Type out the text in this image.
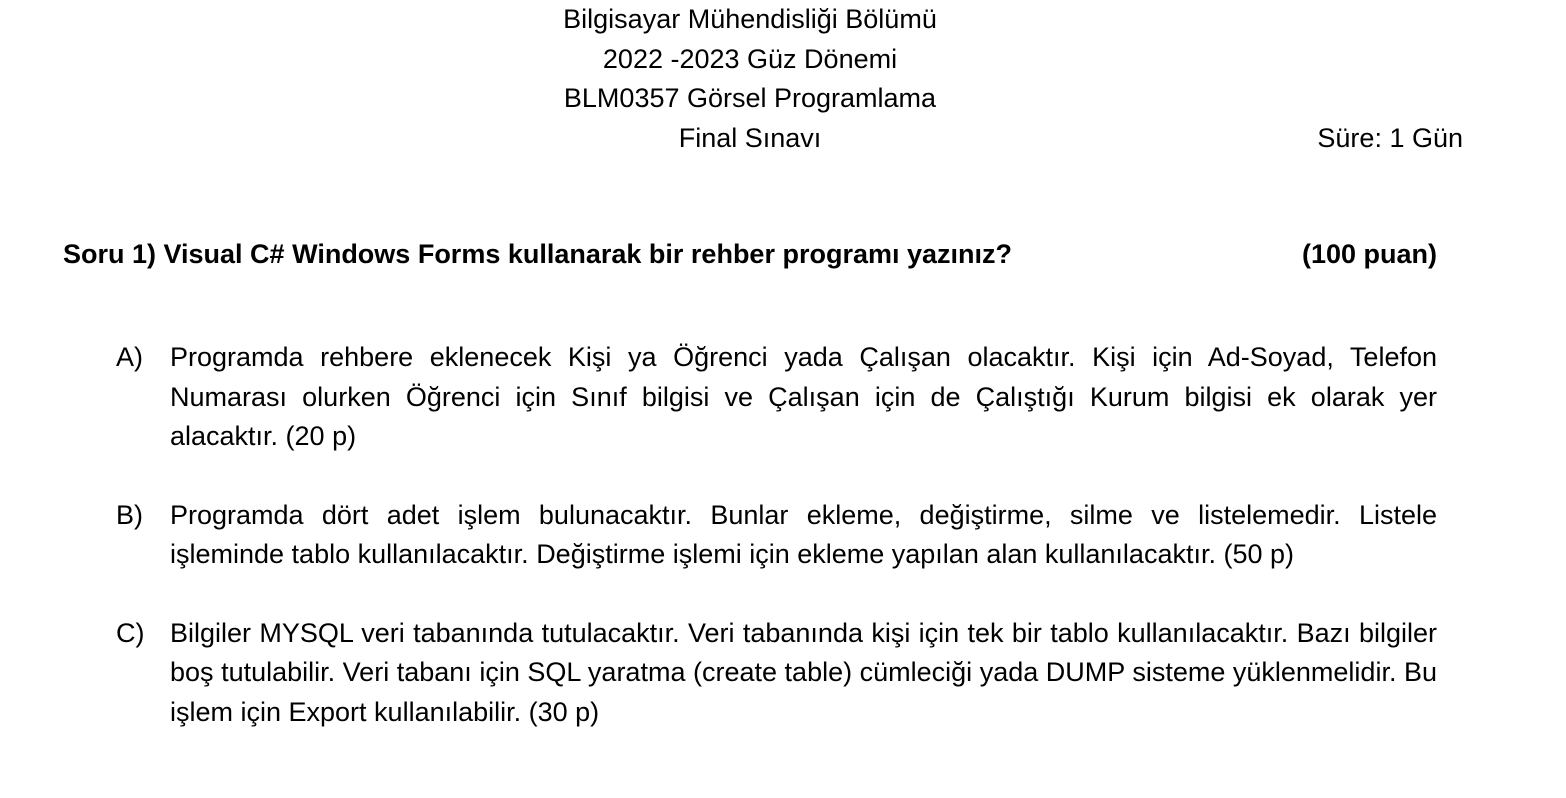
Bilgisayar Mühendisliği Bölümü
2022 -2023 Güz Dönemi
BLM0357 Görsel Programlama
Final Sınavı	Süre: 1 Gün
Soru 1) Visual C# Windows Forms kullanarak bir rehber programı yazınız?	(100 puan)
A)	Programda rehbere eklenecek Kişi ya Öğrenci yada Çalışan olacaktır. Kişi için Ad-Soyad, Telefon Numarası olurken Öğrenci için Sınıf bilgisi ve Çalışan için de Çalıştığı Kurum bilgisi ek olarak yer alacaktır. (20 p)
B)	Programda dört adet işlem bulunacaktır. Bunlar ekleme, değiştirme, silme ve listelemedir. Listele işleminde tablo kullanılacaktır. Değiştirme işlemi için ekleme yapılan alan kullanılacaktır. (50 p)
C) Bilgiler MYSQL veri tabanında tutulacaktır. Veri tabanında kişi için tek bir tablo kullanılacaktır. Bazı bilgiler boş tutulabilir. Veri tabanı için SQL yaratma (create table) cümleciği yada DUMP sisteme yüklenmelidir. Bu işlem için Export kullanılabilir. (30 p)
